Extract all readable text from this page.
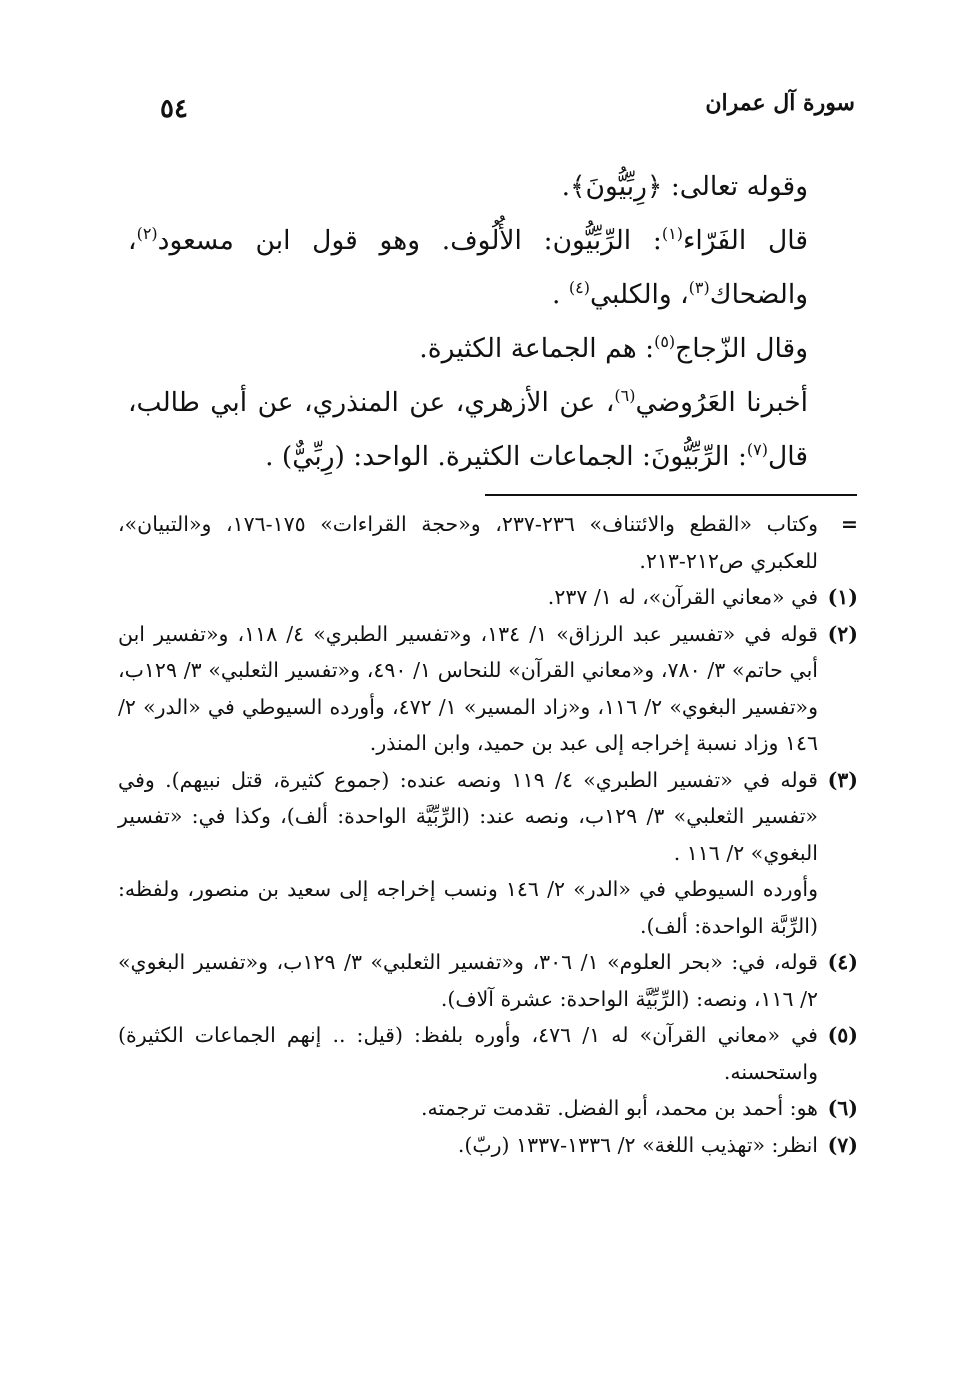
٥٤	سورة آل عمران

وقوله تعالى: ﴿رِبِّيُّونَ﴾.

قال الفَرّاء$^{(١)}$: الرِّبِّيُّون: الأُلُوف. وهو قول ابن مسعود$^{(٢)}$، والضحاك$^{(٣)}$، والكلبي$^{(٤)}$ .

وقال الزّجاج$^{(٥)}$: هم الجماعة الكثيرة.

أخبرنا العَرُوضي$^{(٦)}$، عن الأزهري، عن المنذري، عن أبي طالب، قال$^{(٧)}$: الرِّبِّيُّونَ: الجماعات الكثيرة. الواحد: (رِبِّيٌّ) .

=
وكتاب «القطع والائتناف» ٢٣٦-٢٣٧، و«حجة القراءات» ١٧٥-١٧٦، و«التبيان»، للعكبري ص٢١٢-٢١٣.
(١)
في «معاني القرآن»، له ١/ ٢٣٧.
(٢)
قوله في «تفسير عبد الرزاق» ١/ ١٣٤، و«تفسير الطبري» ٤/ ١١٨، و«تفسير ابن أبي حاتم» ٣/ ٧٨٠، و«معاني القرآن» للنحاس ١/ ٤٩٠، و«تفسير الثعلبي» ٣/ ١٢٩ب، و«تفسير البغوي» ٢/ ١١٦، و«زاد المسير» ١/ ٤٧٢، وأورده السيوطي في «الدر» ٢/ ١٤٦ وزاد نسبة إخراجه إلى عبد بن حميد، وابن المنذر.
(٣)
قوله في «تفسير الطبري» ٤/ ١١٩ ونصه عنده: (جموع كثيرة، قتل نبيهم). وفي «تفسير الثعلبي» ٣/ ١٢٩ب، ونصه عند: (الرِّبِّيَّة الواحدة: ألف)، وكذا في: «تفسير البغوي» ٢/ ١١٦ .
وأورده السيوطي في «الدر» ٢/ ١٤٦ ونسب إخراجه إلى سعيد بن منصور، ولفظه: (الرِّبَّة الواحدة: ألف).
(٤)
قوله، في: «بحر العلوم» ١/ ٣٠٦، و«تفسير الثعلبي» ٣/ ١٢٩ب، و«تفسير البغوي» ٢/ ١١٦، ونصه: (الرِّبِّيَّة الواحدة: عشرة آلاف).
(٥)
في «معاني القرآن» له ١/ ٤٧٦، وأوره بلفظ: (قيل: .. إنهم الجماعات الكثيرة) واستحسنه.
(٦)
هو: أحمد بن محمد، أبو الفضل. تقدمت ترجمته.
(٧)
انظر: «تهذيب اللغة» ٢/ ١٣٣٦-١٣٣٧ (ربّ).
